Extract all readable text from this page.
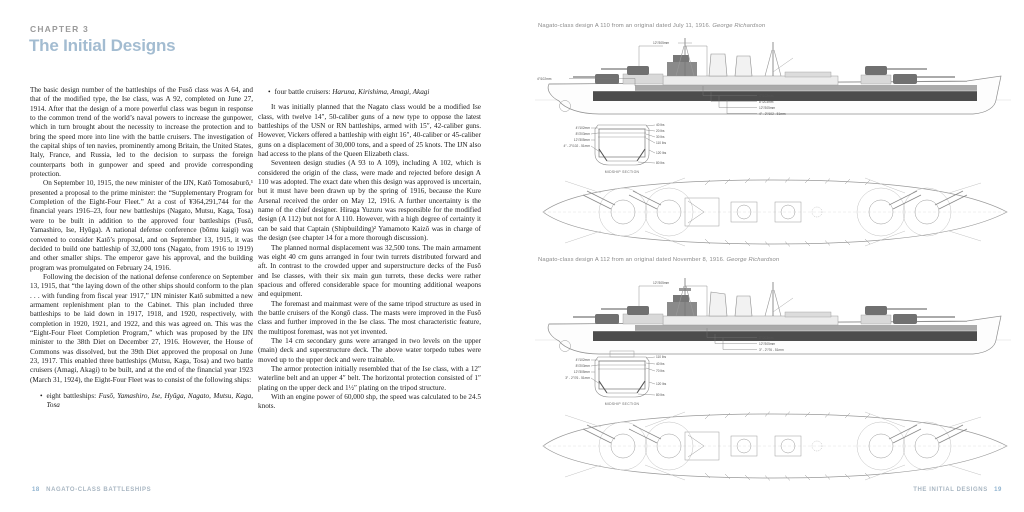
CHAPTER 3
The Initial Designs

The basic design number of the battleships of the Fusō class was A 64, and that of the modified type, the Ise class, was A 92, completed on June 27, 1914. After that the design of a more powerful class was begun in response to the common trend of the world’s naval powers to increase the gunpower, which in turn brought about the necessity to increase the protection and to bring the speed more into line with the battle cruisers. The investigation of the capital ships of ten navies, prominently among Britain, the United States, Italy, France, and Russia, led to the decision to surpass the foreign counterparts both in gunpower and speed and provide corresponding protection.

On September 10, 1915, the new minister of the IJN, Katō Tomosaburō,¹ presented a proposal to the prime minister: the “Supplementary Program for Completion of the Eight-Four Fleet.” At a cost of ¥364,291,744 for the financial years 1916–23, four new battleships (Nagato, Mutsu, Kaga, Tosa) were to be built in addition to the approved four battleships (Fusō, Yamashiro, Ise, Hyūga). A national defense conference (bōmu kaigi) was convened to consider Katō’s proposal, and on September 13, 1915, it was decided to build one battleship of 32,000 tons (Nagato, from 1916 to 1919) and other smaller ships. The emperor gave his approval, and the building program was promulgated on February 24, 1916.

Following the decision of the national defense conference on September 13, 1915, that “the laying down of the other ships should conform to the plan . . . with funding from fiscal year 1917,” IJN minister Katō submitted a new armament replenishment plan to the Cabinet. This plan included three battleships to be laid down in 1917, 1918, and 1920, respectively, with completion in 1920, 1921, and 1922, and this was agreed on. This was the “Eight-Four Fleet Completion Program,” which was proposed by the IJN minister to the 38th Diet on December 27, 1916. However, the House of Commons was dissolved, but the 39th Diet approved the proposal on June 23, 1917. This enabled three battleships (Mutsu, Kaga, Tosa) and two battle cruisers (Amagi, Akagi) to be built, and at the end of the financial year 1923 (March 31, 1924), the Eight-Four Fleet was to consist of the following ships:

• eight battleships: Fusō, Yamashiro, Ise, Hyūga, Nagato, Mutsu, Kaga, Tosa
• four battle cruisers: Haruna, Kirishima, Amagi, Akagi

It was initially planned that the Nagato class would be a modified Ise class, with twelve 14″, 50-caliber guns of a new type to oppose the latest battleships of the USN or RN battleships, armed with 15″, 42-caliber guns. However, Vickers offered a battleship with eight 16″, 40-caliber or 45-caliber guns on a displacement of 30,000 tons, and a speed of 25 knots. The IJN also had access to the plans of the Queen Elizabeth class.

Seventeen design studies (A 93 to A 109), including A 102, which is considered the origin of the class, were made and rejected before design A 110 was adopted. The exact date when this design was approved is uncertain, but it must have been drawn up by the spring of 1916, because the Kure Arsenal received the order on May 12, 1916. A further uncertainty is the name of the chief designer. Hiraga Yuzuru was responsible for the modified design (A 112) but not for A 110. However, with a high degree of certainty it can be said that Captain (Shipbuilding)² Yamamoto Kaizō was in charge of the design (see chapter 14 for a more thorough discussion).

The planned normal displacement was 32,500 tons. The main armament was eight 40 cm guns arranged in four twin turrets distributed forward and aft. In contrast to the crowded upper and superstructure decks of the Fusō and Ise classes, with their six main gun turrets, these decks were rather spacious and offered considerable space for mounting additional weapons and equipment.

The foremast and mainmast were of the same tripod structure as used in the battle cruisers of the Kongō class. The masts were improved in the Fusō class and further improved in the Ise class. The most characteristic feature, the multipost foremast, was not yet invented.

The 14 cm secondary guns were arranged in two levels on the upper (main) deck and superstructure deck. The above water torpedo tubes were moved up to the upper deck and were trainable.

The armor protection initially resembled that of the Ise class, with a 12″ waterline belt and an upper 4″ belt. The horizontal protection consisted of 1″ plating on the upper deck and 1½″ plating on the tripod structure.

With an engine power of 60,000 shp, the speed was calculated to be 24.5 knots.

18 NAGATO-CLASS BATTLESHIPS
Nagato-class design A 110 from an original dated July 11, 1916. George Richardson
4″/102mm
12″/305mm
4″/102mm
8″/203mm
12″/305mm
4″ - 2″/102 - 51mm
4″/102mm
8″/203mm
12″/305mm
4″ - 2″/102 - 51mm
40 lbs
20 lbs
30 lbs
110 lbs
120 lbs
80 lbs
MIDSHIP SECTION
Nagato-class design A 112 from an original dated November 8, 1916. George Richardson
12″/305mm
8″/203mm
12″/305mm
3″ - 2″/76 - 51mm
4″/102mm
8″/203mm
12″/305mm
3″ - 2″/76 - 51mm
110 lbs
40 lbs
70 lbs
120 lbs
80 lbs
MIDSHIP SECTION
THE INITIAL DESIGNS 19
